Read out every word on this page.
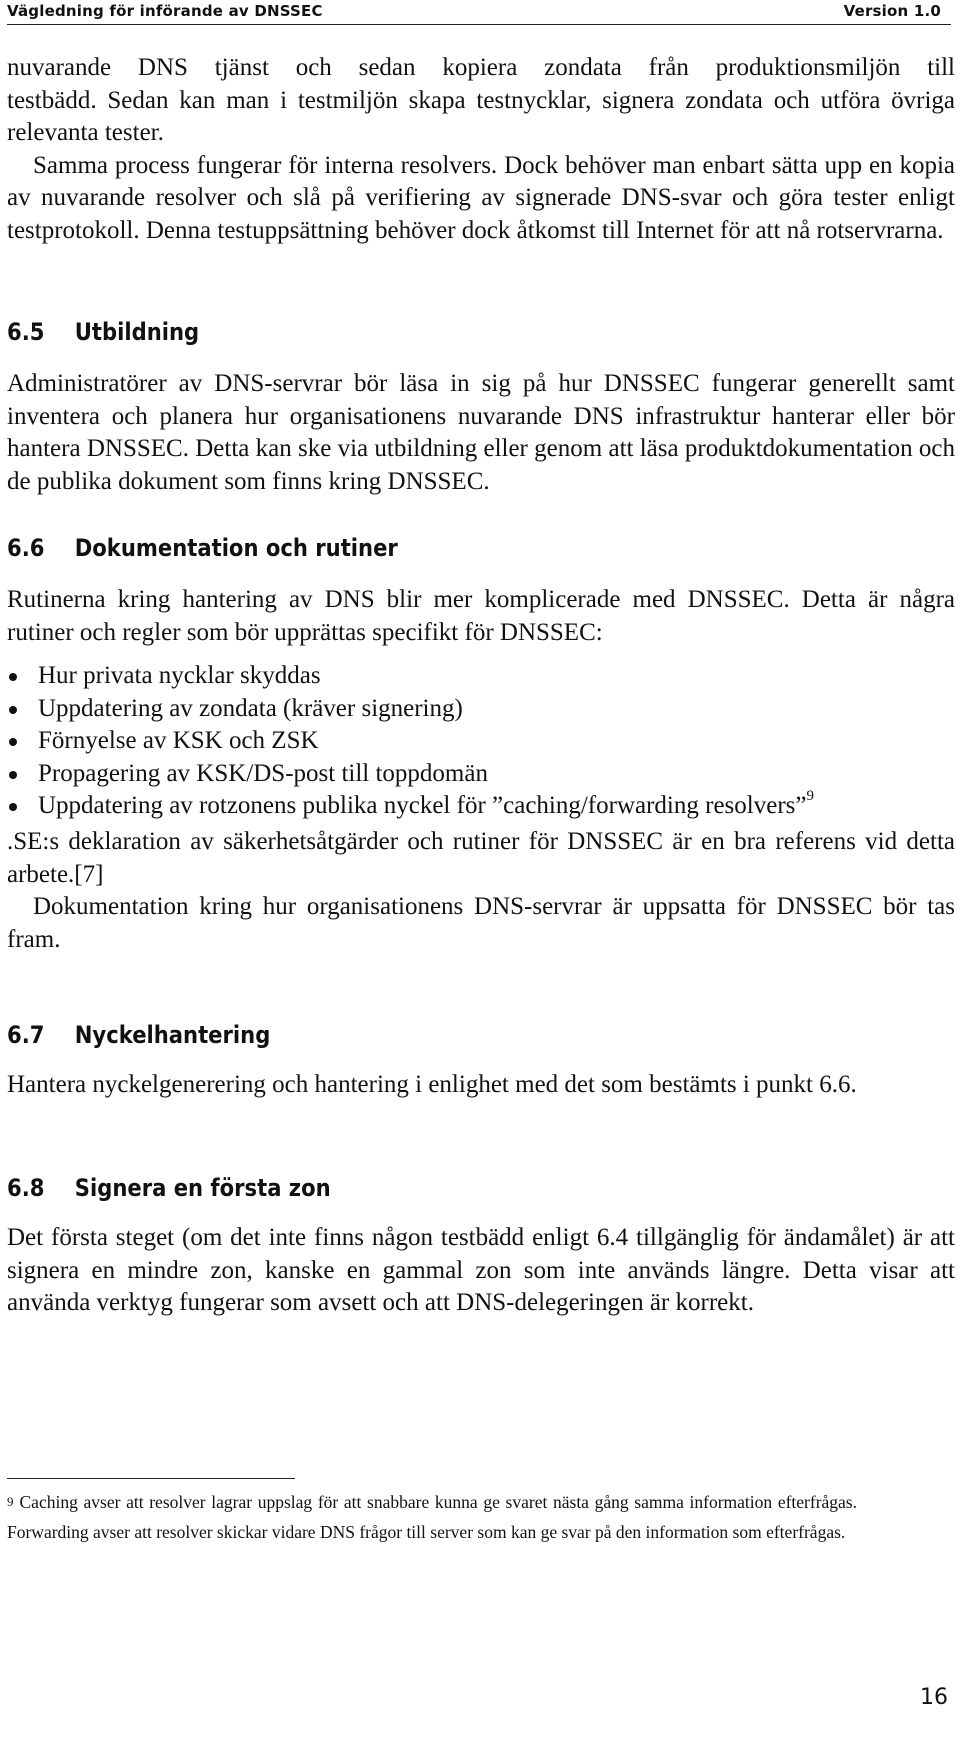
Vägledning för införande av DNSSEC	Version 1.0

nuvarande DNS tjänst och sedan kopiera zondata från produktionsmiljön till

testbädd. Sedan kan man i testmiljön skapa testnycklar, signera zondata och utföra övriga relevanta tester.

Samma process fungerar för interna resolvers. Dock behöver man enbart sätta upp en kopia av nuvarande resolver och slå på verifiering av signerade DNS-svar och göra tester enligt testprotokoll. Denna testuppsättning behöver dock åtkomst till Internet för att nå rotservrarna.

6.5 Utbildning

Administratörer av DNS-servrar bör läsa in sig på hur DNSSEC fungerar generellt samt inventera och planera hur organisationens nuvarande DNS infrastruktur hanterar eller bör hantera DNSSEC. Detta kan ske via utbildning eller genom att läsa produktdokumentation och de publika dokument som finns kring DNSSEC.

6.6 Dokumentation och rutiner

Rutinerna kring hantering av DNS blir mer komplicerade med DNSSEC. Detta är några rutiner och regler som bör upprättas specifikt för DNSSEC:

Hur privata nycklar skyddas
Uppdatering av zondata (kräver signering)
Förnyelse av KSK och ZSK
Propagering av KSK/DS-post till toppdomän
Uppdatering av rotzonens publika nyckel för ”caching/forwarding resolvers”$^9$

.SE:s deklaration av säkerhetsåtgärder och rutiner för DNSSEC är en bra referens vid detta arbete.[7]

Dokumentation kring hur organisationens DNS-servrar är uppsatta för DNSSEC bör tas fram.

6.7 Nyckelhantering

Hantera nyckelgenerering och hantering i enlighet med det som bestämts i punkt 6.6.

6.8 Signera en första zon

Det första steget (om det inte finns någon testbädd enligt 6.4 tillgänglig för ändamålet) är att signera en mindre zon, kanske en gammal zon som inte används längre. Detta visar att använda verktyg fungerar som avsett och att DNS-delegeringen är korrekt.

9 Caching avser att resolver lagrar uppslag för att snabbare kunna ge svaret nästa gång samma information efterfrågas. Forwarding avser att resolver skickar vidare DNS frågor till server som kan ge svar på den information som efterfrågas.

16
